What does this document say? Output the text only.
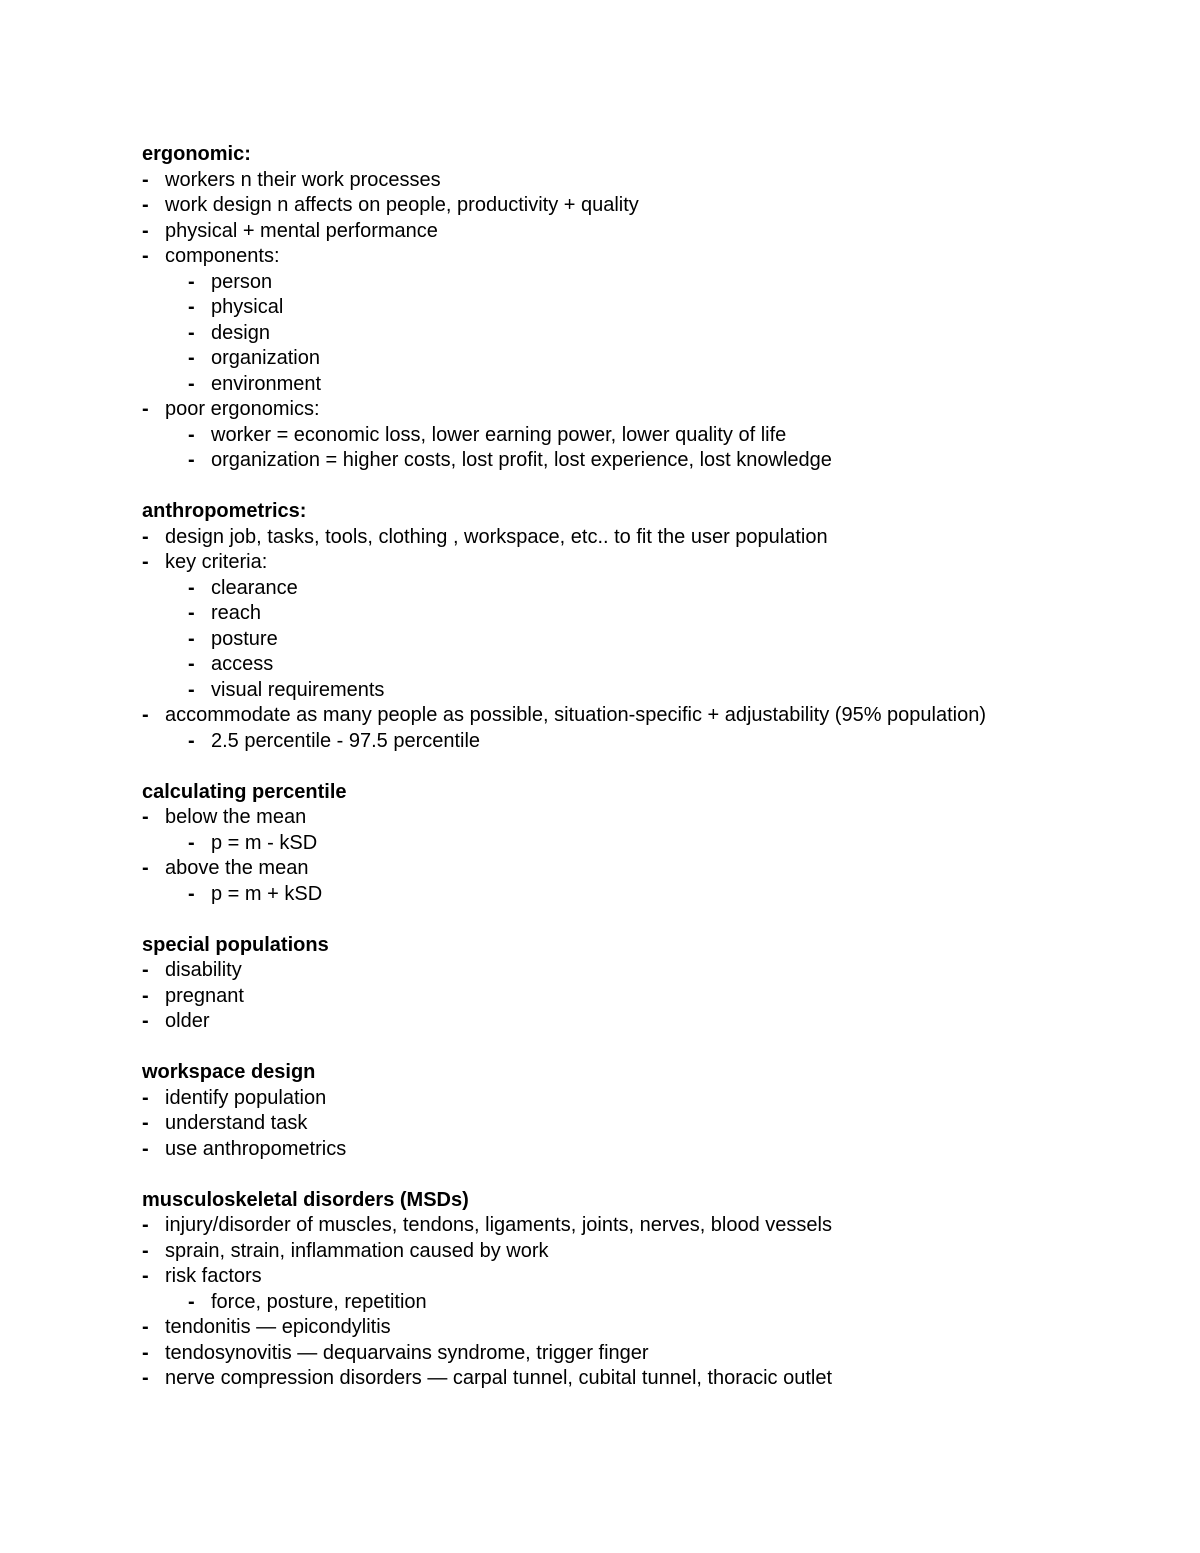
ergonomic:
- workers n their work processes
- work design n affects on people, productivity + quality
- physical + mental performance
- components:
- person
- physical
- design
- organization
- environment
- poor ergonomics:
- worker = economic loss, lower earning power, lower quality of life
- organization = higher costs, lost profit, lost experience, lost knowledge
anthropometrics:
- design job, tasks, tools, clothing , workspace, etc.. to fit the user population
- key criteria:
- clearance
- reach
- posture
- access
- visual requirements
- accommodate as many people as possible, situation-specific + adjustability (95% population)
- 2.5 percentile - 97.5 percentile
calculating percentile
- below the mean
- p = m - kSD
- above the mean
- p = m + kSD
special populations
- disability
- pregnant
- older
workspace design
- identify population
- understand task
- use anthropometrics
musculoskeletal disorders (MSDs)
- injury/disorder of muscles, tendons, ligaments, joints, nerves, blood vessels
- sprain, strain, inflammation caused by work
- risk factors
- force, posture, repetition
- tendonitis — epicondylitis
- tendosynovitis — dequarvains syndrome, trigger finger
- nerve compression disorders — carpal tunnel, cubital tunnel, thoracic outlet
